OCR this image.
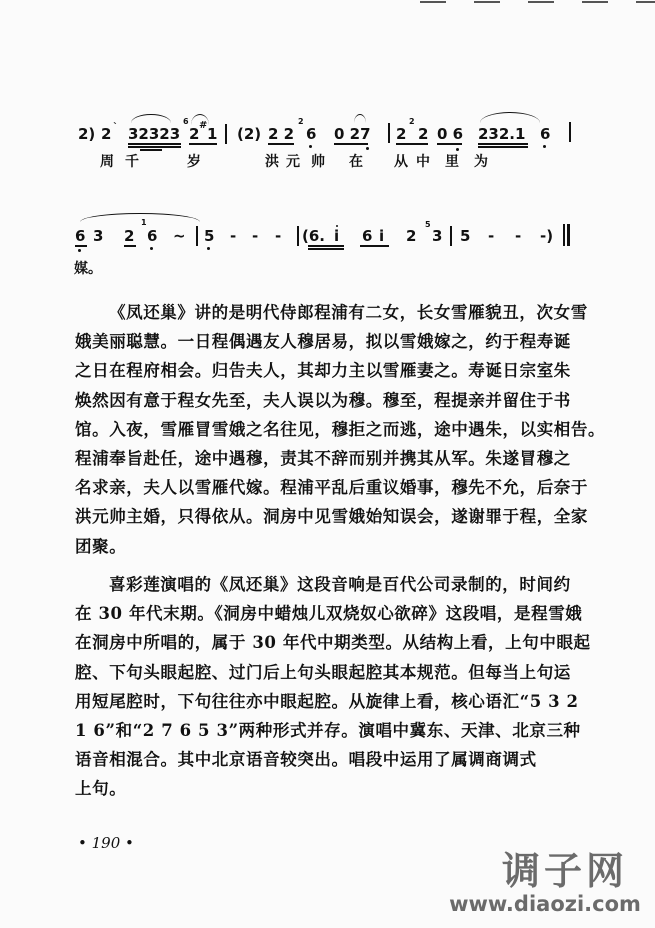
2) 2 ` 32323 2 # 1 (2) 2 2 6 0 27 2 2 0 6 232.1 6
6	2	2
周 千	岁	洪 元 帅 在 从 中 里 为
6 3 2 6 ~ 5 - - - (6. i 6 i 2 3 5 - - -)
1	5
媒。
《凤还巢》讲的是明代侍郎程浦有二女，长女雪雁貌丑，次女雪
娥美丽聪慧。一日程偶遇友人穆居易，拟以雪娥嫁之，约于程寿诞
之日在程府相会。归告夫人，其却力主以雪雁妻之。寿诞日宗室朱
焕然因有意于程女先至，夫人误以为穆。穆至，程提亲并留住于书
馆。入夜，雪雁冒雪娥之名往见，穆拒之而逃，途中遇朱，以实相告。
程浦奉旨赴任，途中遇穆，责其不辞而别并携其从军。朱遂冒穆之
名求亲，夫人以雪雁代嫁。程浦平乱后重议婚事，穆先不允，后奈于
洪元帅主婚，只得依从。洞房中见雪娥始知误会，遂谢罪于程，全家
团聚。
喜彩莲演唱的《凤还巢》这段音响是百代公司录制的，时间约
在 30 年代末期。《洞房中蜡烛儿双烧奴心欲碎》这段唱，是程雪娥
在洞房中所唱的，属于 30 年代中期类型。从结构上看，上句中眼起
腔、下句头眼起腔、过门后上句头眼起腔其本规范。但每当上句运
用短尾腔时，下句往往亦中眼起腔。从旋律上看，核心语汇“5 3 2
1 6”和“2 7 6 5 3”两种形式并存。演唱中冀东、天津、北京三种
语音相混合。其中北京语音较突出。唱段中运用了属调商调式
上句。
• 190 •
调子网
www.diaozi.com
